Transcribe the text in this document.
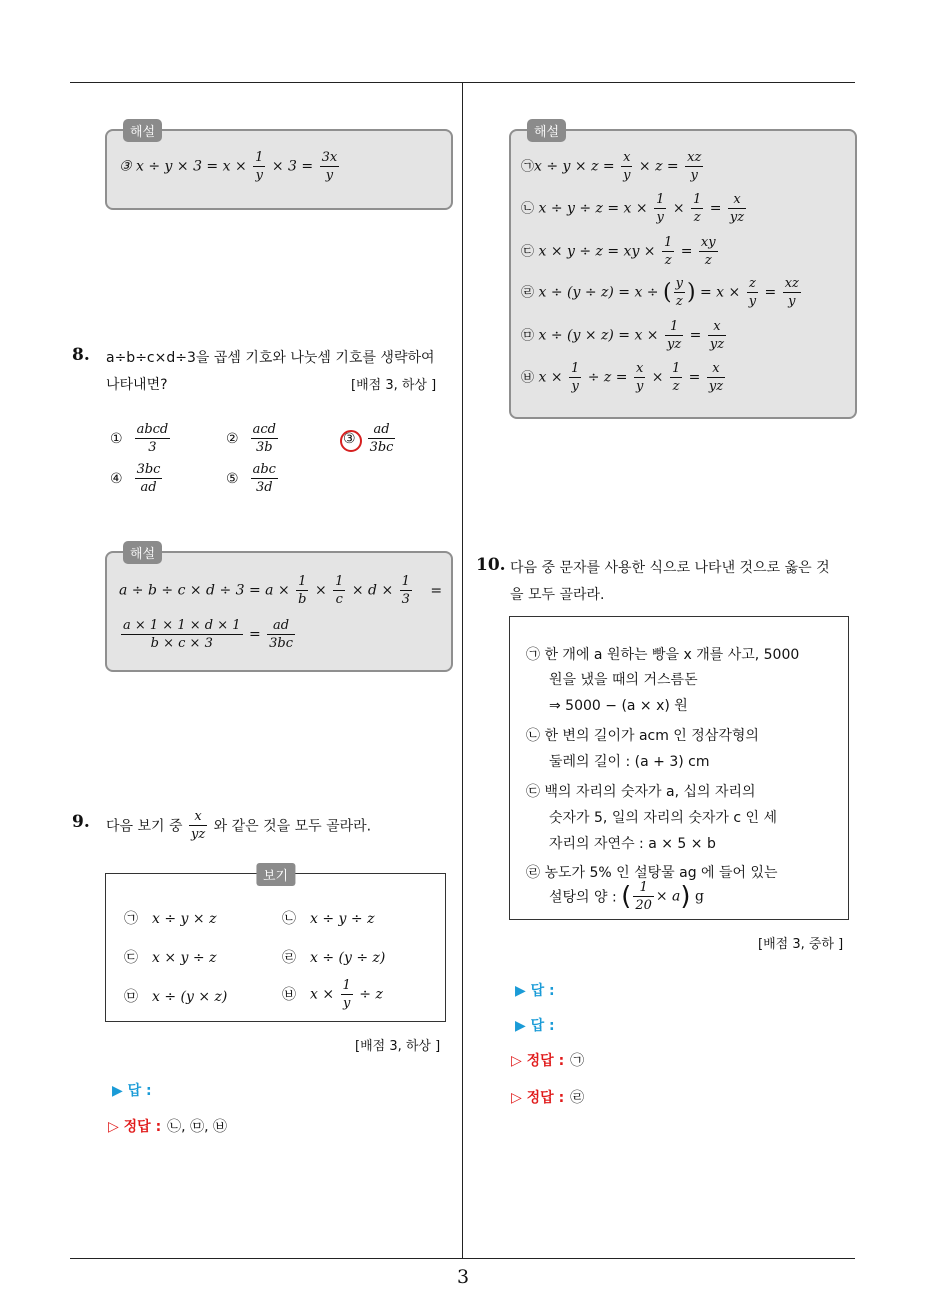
3
해설
③ $x \div y \times 3 = x \times \frac{1}{y} \times 3 = \frac{3x}{y}$
8. a÷b÷c×d÷3을 곱셈 기호와 나눗셈 기호를 생략하여
나타내면?	[배점 3, 하상 ]
① $\frac{\text{abcd}}{3}$	② $\frac{\text{acd}}{3b}$	③ $\frac{ad}{3bc}$
④ $\frac{3bc}{ad}$	⑤ $\frac{\text{abc}}{3d}$
해설
$a \div b \div c \times d \div 3 = a \times \frac{1}{b} \times \frac{1}{c} \times d \times \frac{1}{3}$ =
$\frac{a \times 1 \times 1 \times d \times 1}{b \times c \times 3} = \frac{ad}{3bc}$
9. 다음 보기 중 $\frac{x}{yz}$ 와 같은 것을 모두 골라라.
보기
㉠ x ÷ y × z	㉡ x ÷ y ÷ z
㉢ x × y ÷ z	㉣ x ÷ (y ÷ z)
㉤ x ÷ (y × z)	㉥ $x \times \frac{1}{y} \div z$
[배점 3, 하상 ]
▶ 답 :
▷ 정답 : ㉡, ㉤, ㉥
해설
㉠x ÷ $y \times z = \frac{x}{y} \times z = \frac{xz}{y}$
㉡ $x \div y \div z = x \times \frac{1}{y} \times \frac{1}{z} = \frac{x}{yz}$
㉢ x × y ÷ z = xy × $\frac{1}{z} = \frac{xy}{z}$
㉣ x ÷ (y ÷ z) = x ÷ ( $\frac{y}{z}$ ) = $x \times \frac{z}{y} = \frac{xz}{y}$
㉤ $x \div (y \times z) = x \times \frac{1}{yz} = \frac{x}{yz}$
㉥ $x \times \frac{1}{y} \div z = \frac{x}{y} \times \frac{1}{z} = \frac{x}{yz}$
10. 다음 중 문자를 사용한 식으로 나타낸 것으로 옳은 것
을 모두 골라라.
㉠ 한 개에 a 원하는 빵을 x 개를 사고, 5000
원을 냈을 때의 거스름돈
⇒ 5000 − (a × x) 원
㉡ 한 변의 길이가 acm 인 정삼각형의
둘레의 길이 : (a + 3) cm
㉢ 백의 자리의 숫자가 a, 십의 자리의
숫자가 5, 일의 자리의 숫자가 c 인 세
자리의 자연수 : a × 5 × b
㉣ 농도가 5% 인 설탕물 ag 에 들어 있는
설탕의 양 : ( $\frac{1}{20} \times a$) g
[배점 3, 중하 ]
▶ 답 :
▶ 답 :
▷ 정답 : ㉠
▷ 정답 : ㉣
